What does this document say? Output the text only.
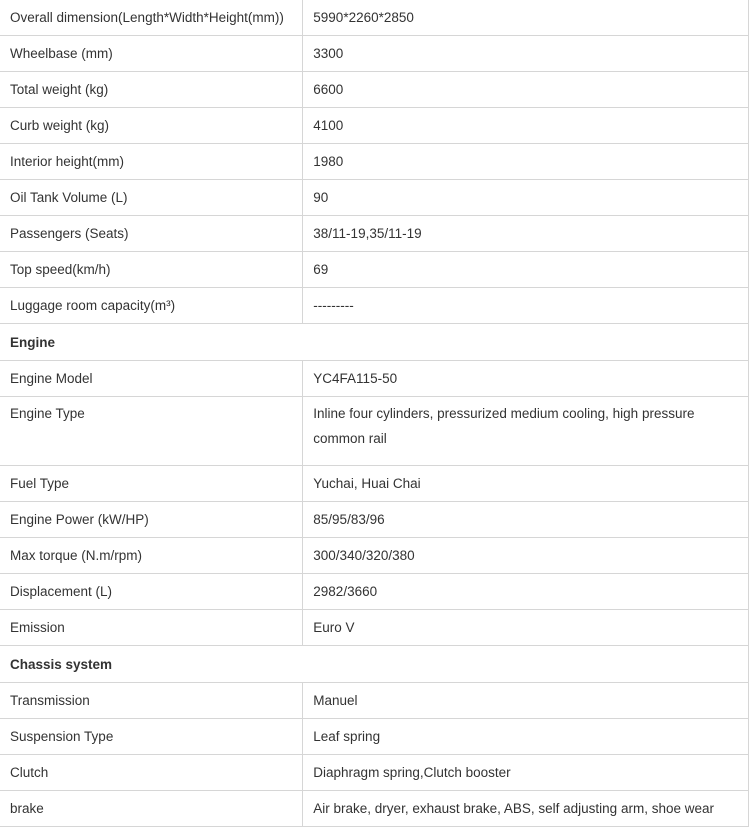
Overall dimension(Length*Width*Height(mm))	5990*2260*2850
Wheelbase (mm)	3300
Total weight (kg)	6600
Curb weight (kg)	4100
Interior height(mm)	1980
Oil Tank Volume (L)	90
Passengers (Seats)	38/11-19,35/11-19
Top speed(km/h)	69
Luggage room capacity(m³)	---------
Engine	
Engine Model	YC4FA115-50
Engine Type	Inline four cylinders, pressurized medium cooling, high pressure common rail
Fuel Type	Yuchai, Huai Chai
Engine Power (kW/HP)	85/95/83/96
Max torque (N.m/rpm)	300/340/320/380
Displacement (L)	2982/3660
Emission	Euro V
Chassis system	
Transmission	Manuel
Suspension Type	Leaf spring
Clutch	Diaphragm spring,Clutch booster
brake	Air brake, dryer, exhaust brake, ABS, self adjusting arm, shoe wear
